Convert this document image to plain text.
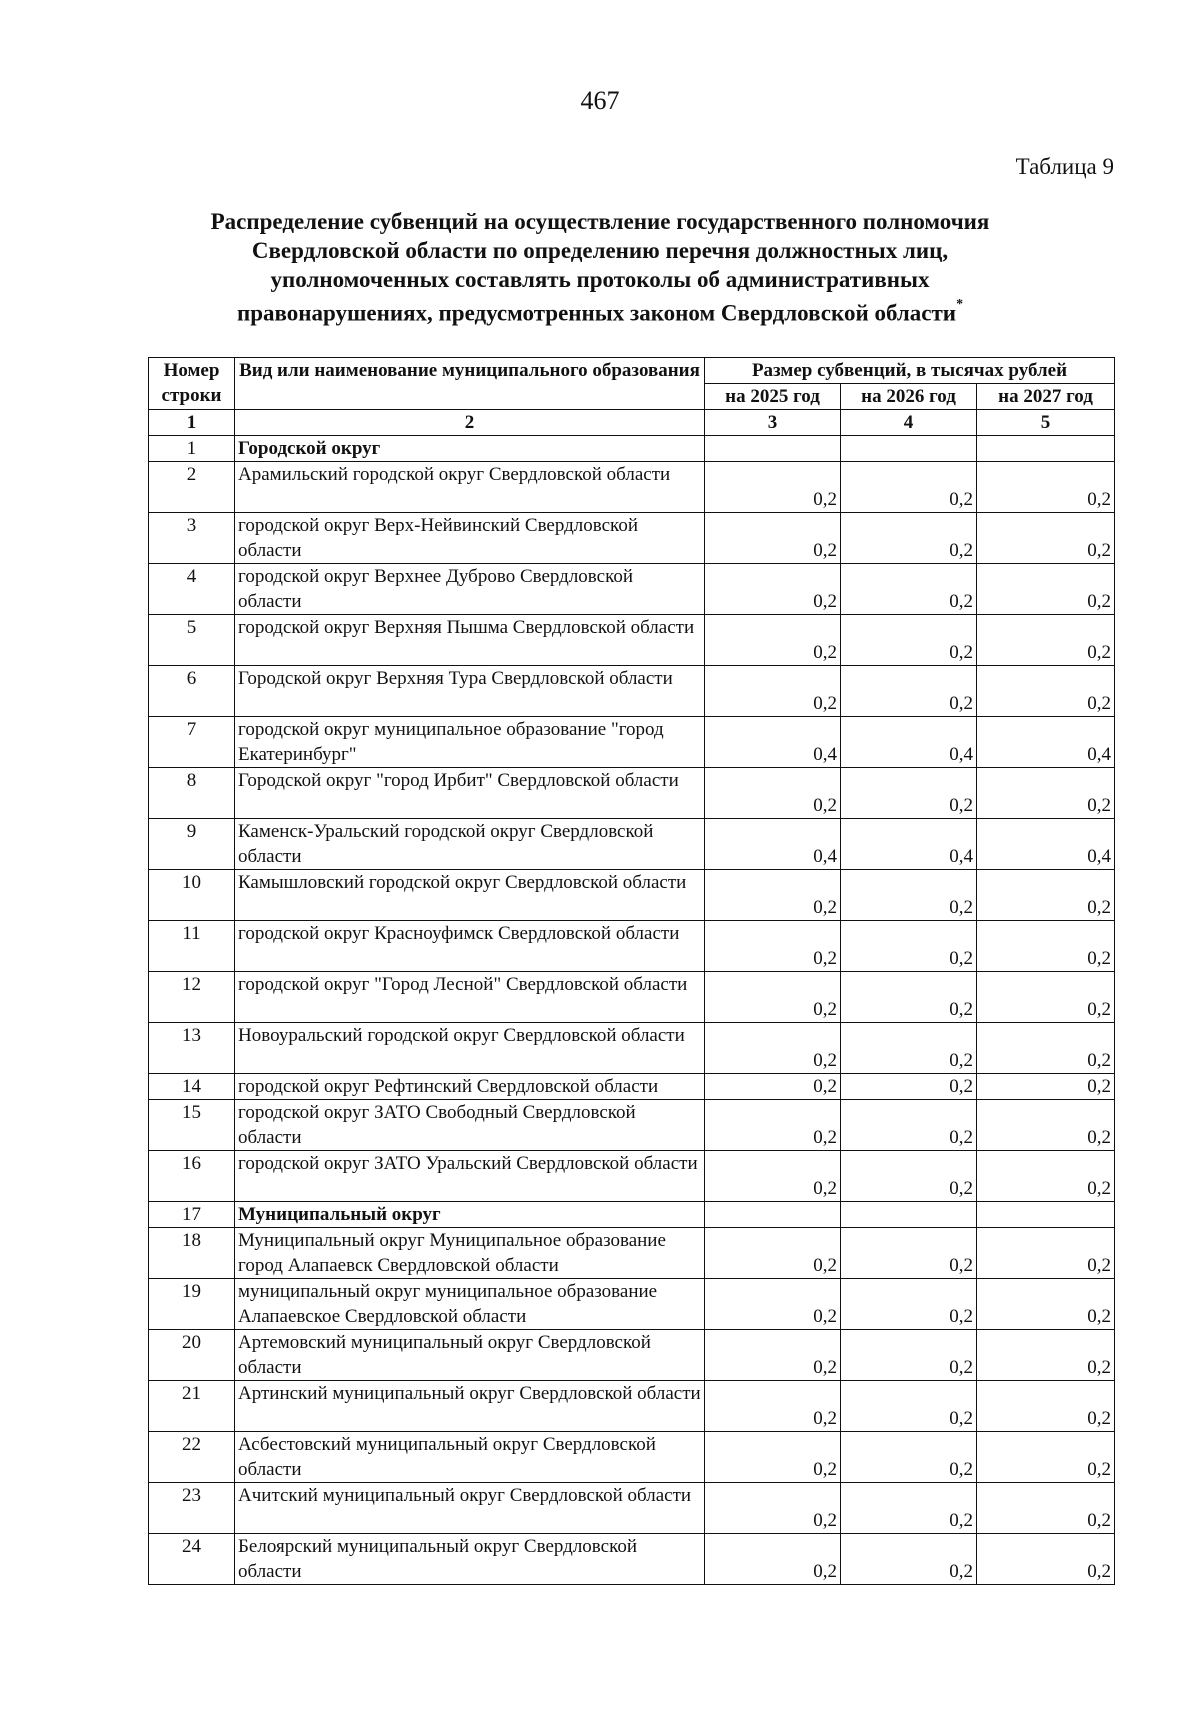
467
Таблица 9
Распределение субвенций на осуществление государственного полномочия
Свердловской области по определению перечня должностных лиц,
уполномоченных составлять протоколы об административных
правонарушениях, предусмотренных законом Свердловской области*
Номер строки	Вид или наименование муниципального образования	Размер субвенций, в тысячах рублей		
		на 2025 год	на 2026 год	на 2027 год
1	2	3	4	5
1	Городской округ			
2	Арамильский городской округ Свердловской области	0,2	0,2	0,2
3	городской округ Верх-Нейвинский Свердловской области	0,2	0,2	0,2
4	городской округ Верхнее Дуброво Свердловской области	0,2	0,2	0,2
5	городской округ Верхняя Пышма Свердловской области	0,2	0,2	0,2
6	Городской округ Верхняя Тура Свердловской области	0,2	0,2	0,2
7	городской округ муниципальное образование "город Екатеринбург"	0,4	0,4	0,4
8	Городской округ "город Ирбит" Свердловской области	0,2	0,2	0,2
9	Каменск-Уральский городской округ Свердловской области	0,4	0,4	0,4
10	Камышловский городской округ Свердловской области	0,2	0,2	0,2
11	городской округ Красноуфимск Свердловской области	0,2	0,2	0,2
12	городской округ "Город Лесной" Свердловской области	0,2	0,2	0,2
13	Новоуральский городской округ Свердловской области	0,2	0,2	0,2
14	городской округ Рефтинский Свердловской области	0,2	0,2	0,2
15	городской округ ЗАТО Свободный Свердловской области	0,2	0,2	0,2
16	городской округ ЗАТО Уральский Свердловской области	0,2	0,2	0,2
17	Муниципальный округ			
18	Муниципальный округ Муниципальное образование город Алапаевск Свердловской области	0,2	0,2	0,2
19	муниципальный округ муниципальное образование Алапаевское Свердловской области	0,2	0,2	0,2
20	Артемовский муниципальный округ Свердловской области	0,2	0,2	0,2
21	Артинский муниципальный округ Свердловской области	0,2	0,2	0,2
22	Асбестовский муниципальный округ Свердловской области	0,2	0,2	0,2
23	Ачитский муниципальный округ Свердловской области	0,2	0,2	0,2
24	Белоярский муниципальный округ Свердловской области	0,2	0,2	0,2
